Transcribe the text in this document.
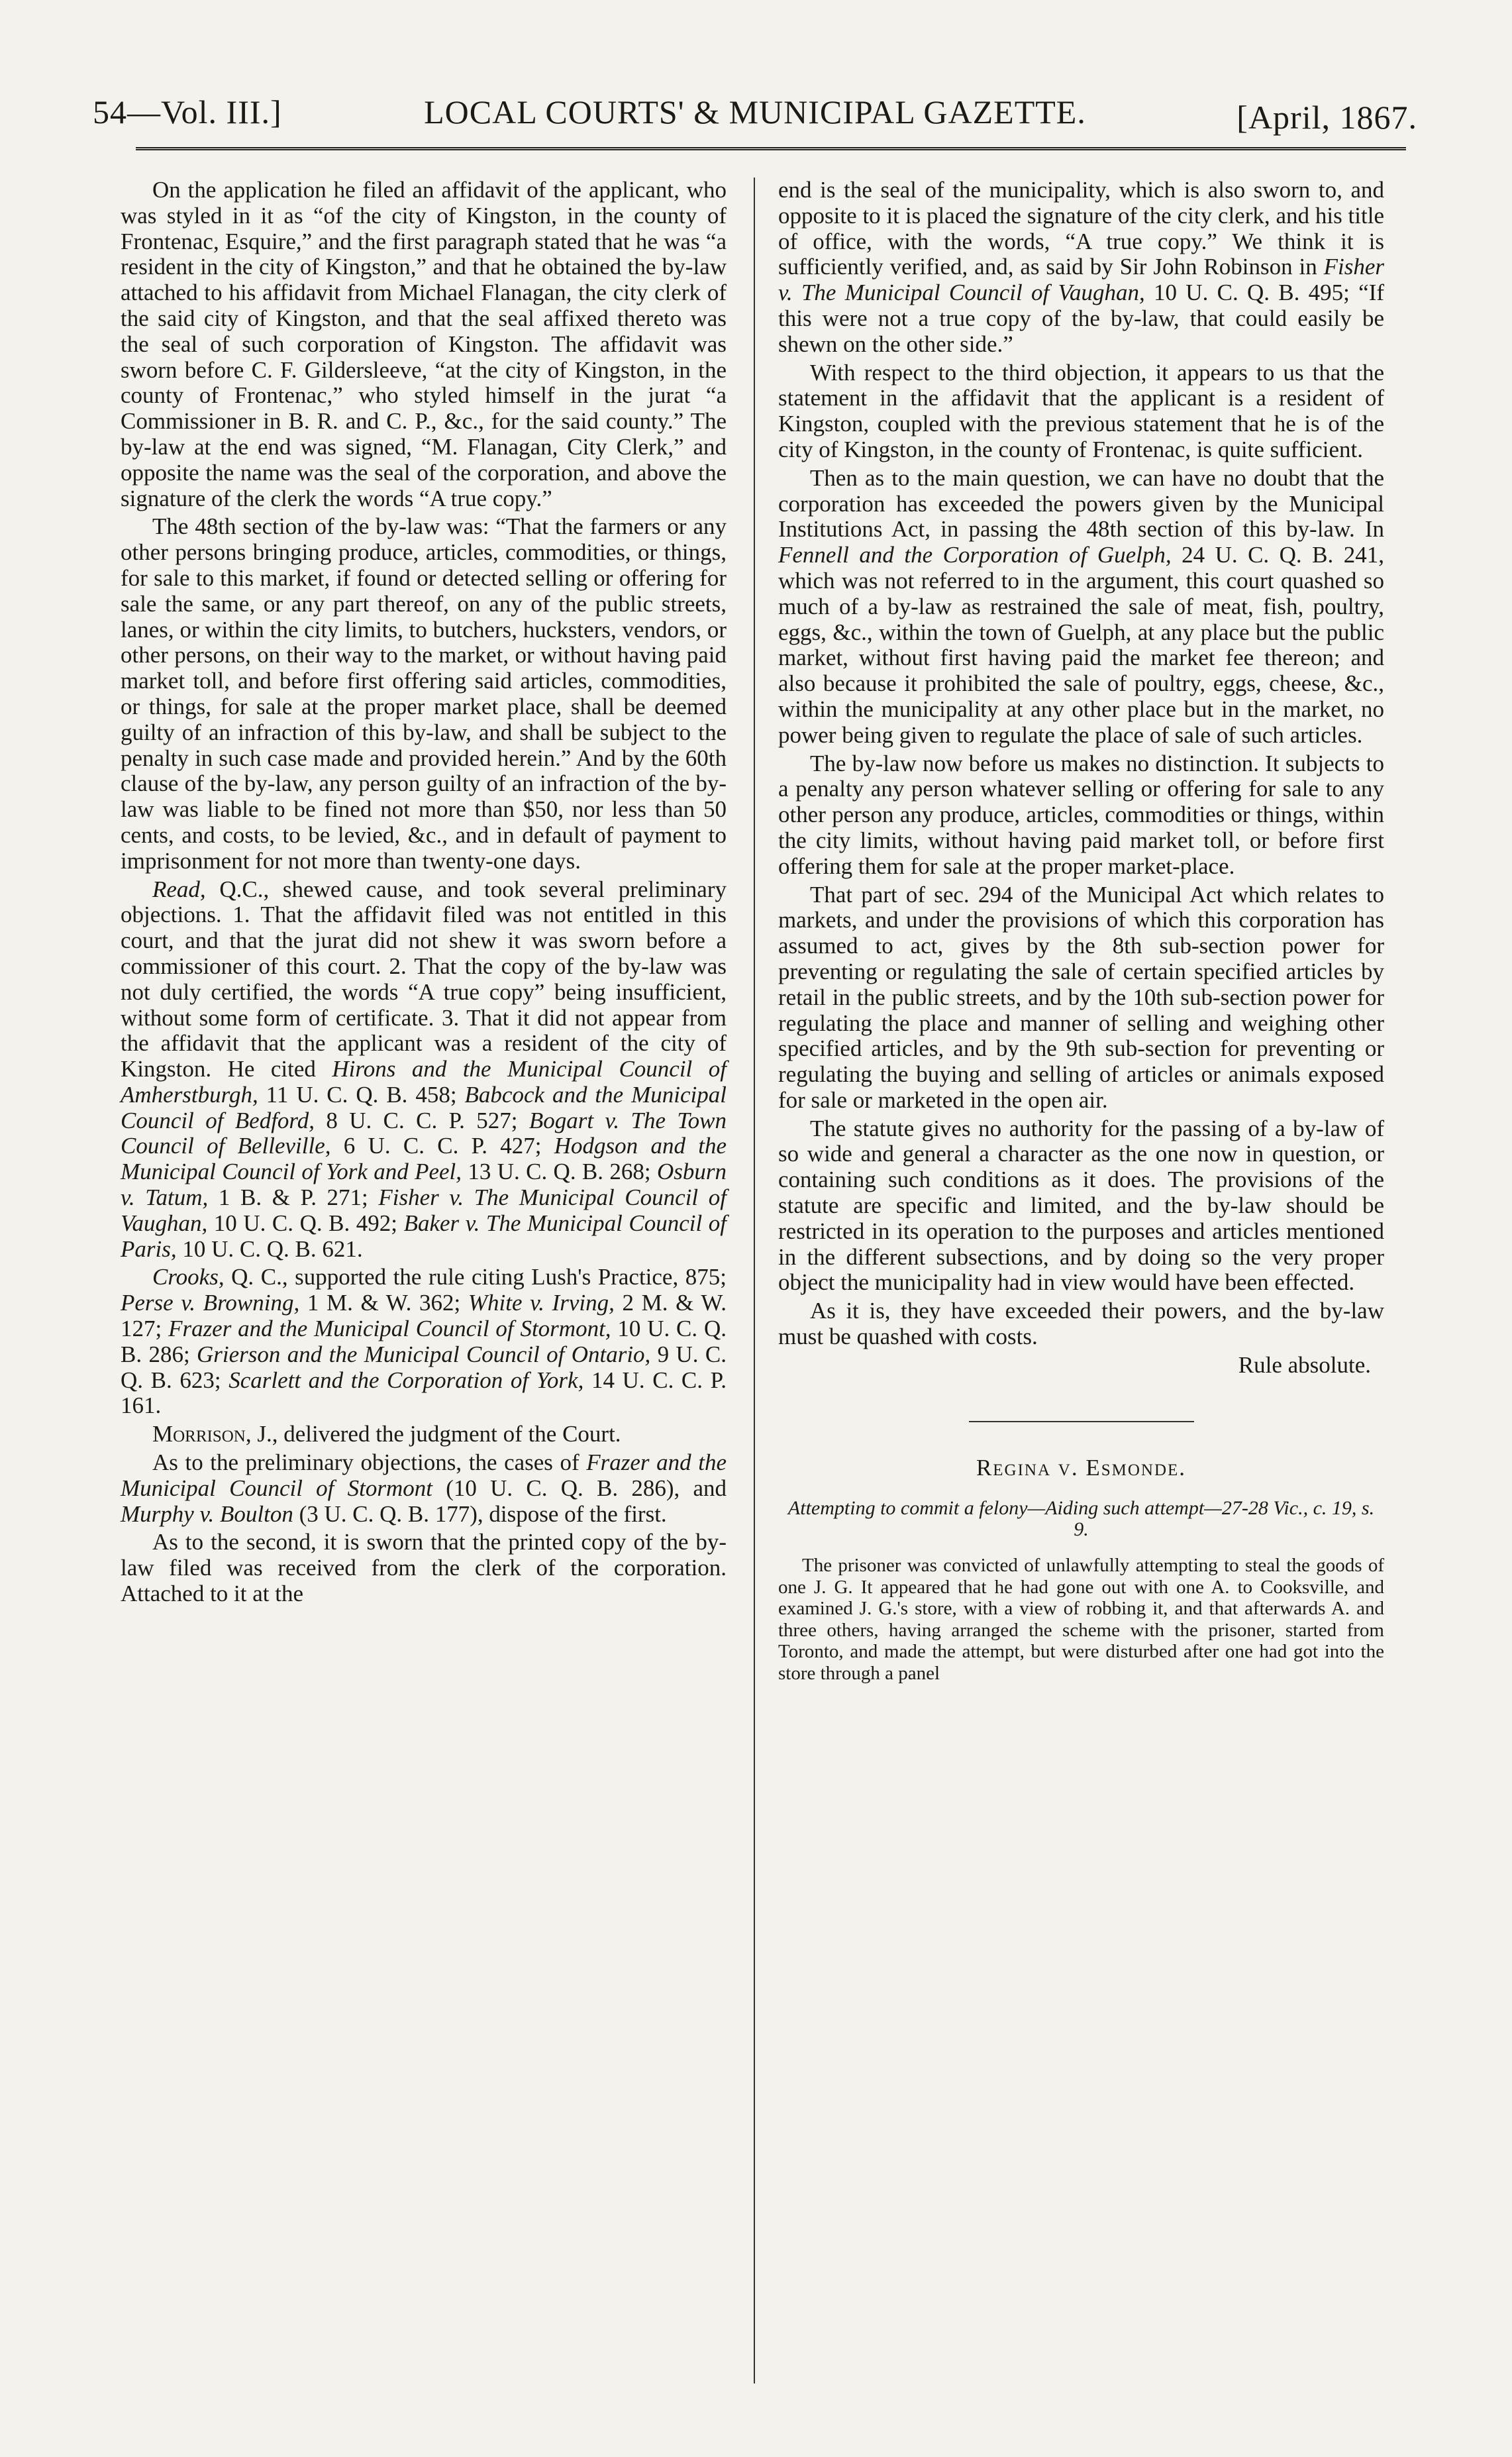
54—Vol. III.]	LOCAL COURTS' & MUNICIPAL GAZETTE.	[April, 1867.

On the application he filed an affidavit of the applicant, who was styled in it as “of the city of Kingston, in the county of Frontenac, Esquire,” and the first paragraph stated that he was “a resident in the city of Kingston,” and that he obtained the by-law attached to his affidavit from Michael Flanagan, the city clerk of the said city of Kingston, and that the seal affixed thereto was the seal of such corporation of Kingston. The affidavit was sworn before C. F. Gildersleeve, “at the city of Kingston, in the county of Frontenac,” who styled himself in the jurat “a Commissioner in B. R. and C. P., &c., for the said county.” The by-law at the end was signed, “M. Flanagan, City Clerk,” and opposite the name was the seal of the corporation, and above the signature of the clerk the words “A true copy.”

The 48th section of the by-law was: “That the farmers or any other persons bringing produce, articles, commodities, or things, for sale to this market, if found or detected selling or offering for sale the same, or any part thereof, on any of the public streets, lanes, or within the city limits, to butchers, hucksters, vendors, or other persons, on their way to the market, or without having paid market toll, and before first offering said articles, commodities, or things, for sale at the proper market place, shall be deemed guilty of an infraction of this by-law, and shall be subject to the penalty in such case made and provided herein.” And by the 60th clause of the by-law, any person guilty of an infraction of the by-law was liable to be fined not more than $50, nor less than 50 cents, and costs, to be levied, &c., and in default of payment to imprisonment for not more than twenty-one days.

Read, Q.C., shewed cause, and took several preliminary objections. 1. That the affidavit filed was not entitled in this court, and that the jurat did not shew it was sworn before a commissioner of this court. 2. That the copy of the by-law was not duly certified, the words “A true copy” being insufficient, without some form of certificate. 3. That it did not appear from the affidavit that the applicant was a resident of the city of Kingston. He cited Hirons and the Municipal Council of Amherstburgh, 11 U. C. Q. B. 458; Babcock and the Municipal Council of Bedford, 8 U. C. C. P. 527; Bogart v. The Town Council of Belleville, 6 U. C. C. P. 427; Hodgson and the Municipal Council of York and Peel, 13 U. C. Q. B. 268; Osburn v. Tatum, 1 B. & P. 271; Fisher v. The Municipal Council of Vaughan, 10 U. C. Q. B. 492; Baker v. The Municipal Council of Paris, 10 U. C. Q. B. 621.

Crooks, Q. C., supported the rule citing Lush's Practice, 875; Perse v. Browning, 1 M. & W. 362; White v. Irving, 2 M. & W. 127; Frazer and the Municipal Council of Stormont, 10 U. C. Q. B. 286; Grierson and the Municipal Council of Ontario, 9 U. C. Q. B. 623; Scarlett and the Corporation of York, 14 U. C. C. P. 161.

Morrison, J., delivered the judgment of the Court.

As to the preliminary objections, the cases of Frazer and the Municipal Council of Stormont (10 U. C. Q. B. 286), and Murphy v. Boulton (3 U. C. Q. B. 177), dispose of the first.

As to the second, it is sworn that the printed copy of the by-law filed was received from the clerk of the corporation. Attached to it at the

end is the seal of the municipality, which is also sworn to, and opposite to it is placed the signature of the city clerk, and his title of office, with the words, “A true copy.” We think it is sufficiently verified, and, as said by Sir John Robinson in Fisher v. The Municipal Council of Vaughan, 10 U. C. Q. B. 495; “If this were not a true copy of the by-law, that could easily be shewn on the other side.”

With respect to the third objection, it appears to us that the statement in the affidavit that the applicant is a resident of Kingston, coupled with the previous statement that he is of the city of Kingston, in the county of Frontenac, is quite sufficient.

Then as to the main question, we can have no doubt that the corporation has exceeded the powers given by the Municipal Institutions Act, in passing the 48th section of this by-law. In Fennell and the Corporation of Guelph, 24 U. C. Q. B. 241, which was not referred to in the argument, this court quashed so much of a by-law as restrained the sale of meat, fish, poultry, eggs, &c., within the town of Guelph, at any place but the public market, without first having paid the market fee thereon; and also because it prohibited the sale of poultry, eggs, cheese, &c., within the municipality at any other place but in the market, no power being given to regulate the place of sale of such articles.

The by-law now before us makes no distinction. It subjects to a penalty any person whatever selling or offering for sale to any other person any produce, articles, commodities or things, within the city limits, without having paid market toll, or before first offering them for sale at the proper market-place.

That part of sec. 294 of the Municipal Act which relates to markets, and under the provisions of which this corporation has assumed to act, gives by the 8th sub-section power for preventing or regulating the sale of certain specified articles by retail in the public streets, and by the 10th sub-section power for regulating the place and manner of selling and weighing other specified articles, and by the 9th sub-section for preventing or regulating the buying and selling of articles or animals exposed for sale or marketed in the open air.

The statute gives no authority for the passing of a by-law of so wide and general a character as the one now in question, or containing such conditions as it does. The provisions of the statute are specific and limited, and the by-law should be restricted in its operation to the purposes and articles mentioned in the different subsections, and by doing so the very proper object the municipality had in view would have been effected.

As it is, they have exceeded their powers, and the by-law must be quashed with costs.

Rule absolute.

Regina v. Esmonde.

Attempting to commit a felony—Aiding such attempt—27-28 Vic., c. 19, s. 9.

The prisoner was convicted of unlawfully attempting to steal the goods of one J. G. It appeared that he had gone out with one A. to Cooksville, and examined J. G.'s store, with a view of robbing it, and that afterwards A. and three others, having arranged the scheme with the prisoner, started from Toronto, and made the attempt, but were disturbed after one had got into the store through a panel
